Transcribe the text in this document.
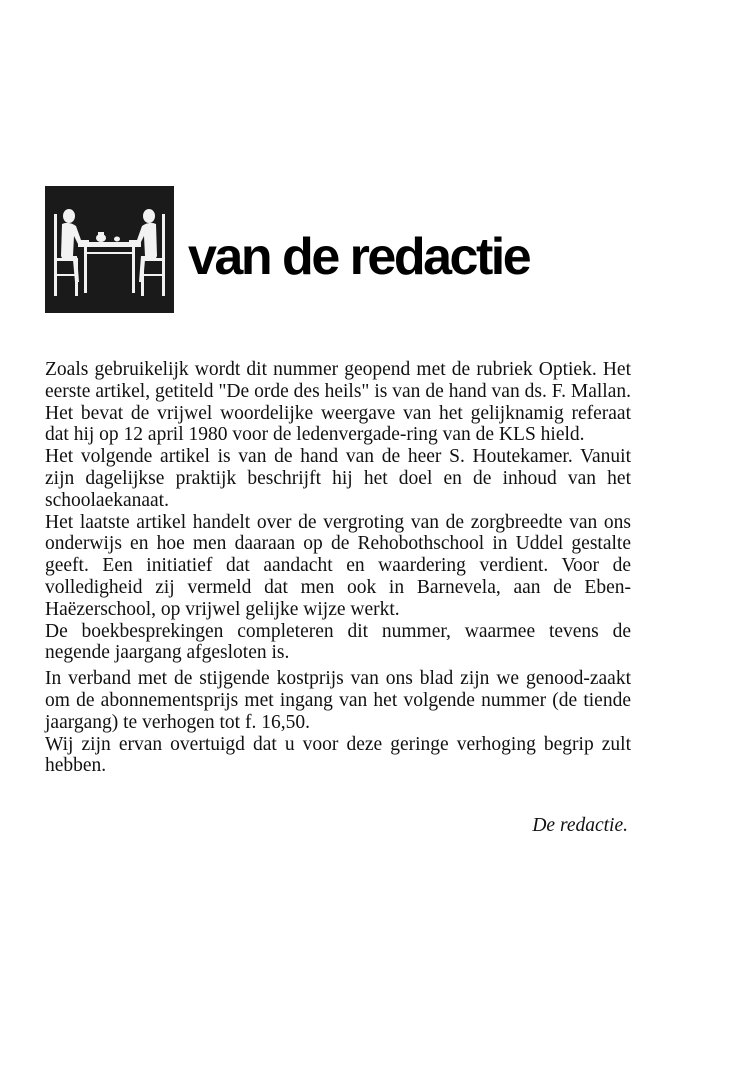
van de redactie

Zoals gebruikelijk wordt dit nummer geopend met de rubriek Optiek. Het eerste artikel, getiteld "De orde des heils" is van de hand van ds. F. Mallan. Het bevat de vrijwel woordelijke weergave van het gelijknamig referaat dat hij op 12 april 1980 voor de ledenvergade-ring van de KLS hield.

Het volgende artikel is van de hand van de heer S. Houtekamer. Vanuit zijn dagelijkse praktijk beschrijft hij het doel en de inhoud van het schoolaekanaat.

Het laatste artikel handelt over de vergroting van de zorgbreedte van ons onderwijs en hoe men daaraan op de Rehobothschool in Uddel gestalte geeft. Een initiatief dat aandacht en waardering verdient. Voor de volledigheid zij vermeld dat men ook in Barnevela, aan de Eben-Haëzerschool, op vrijwel gelijke wijze werkt.

De boekbesprekingen completeren dit nummer, waarmee tevens de negende jaargang afgesloten is.

In verband met de stijgende kostprijs van ons blad zijn we genood-zaakt om de abonnementsprijs met ingang van het volgende nummer (de tiende jaargang) te verhogen tot f. 16,50.

Wij zijn ervan overtuigd dat u voor deze geringe verhoging begrip zult hebben.

De redactie.
